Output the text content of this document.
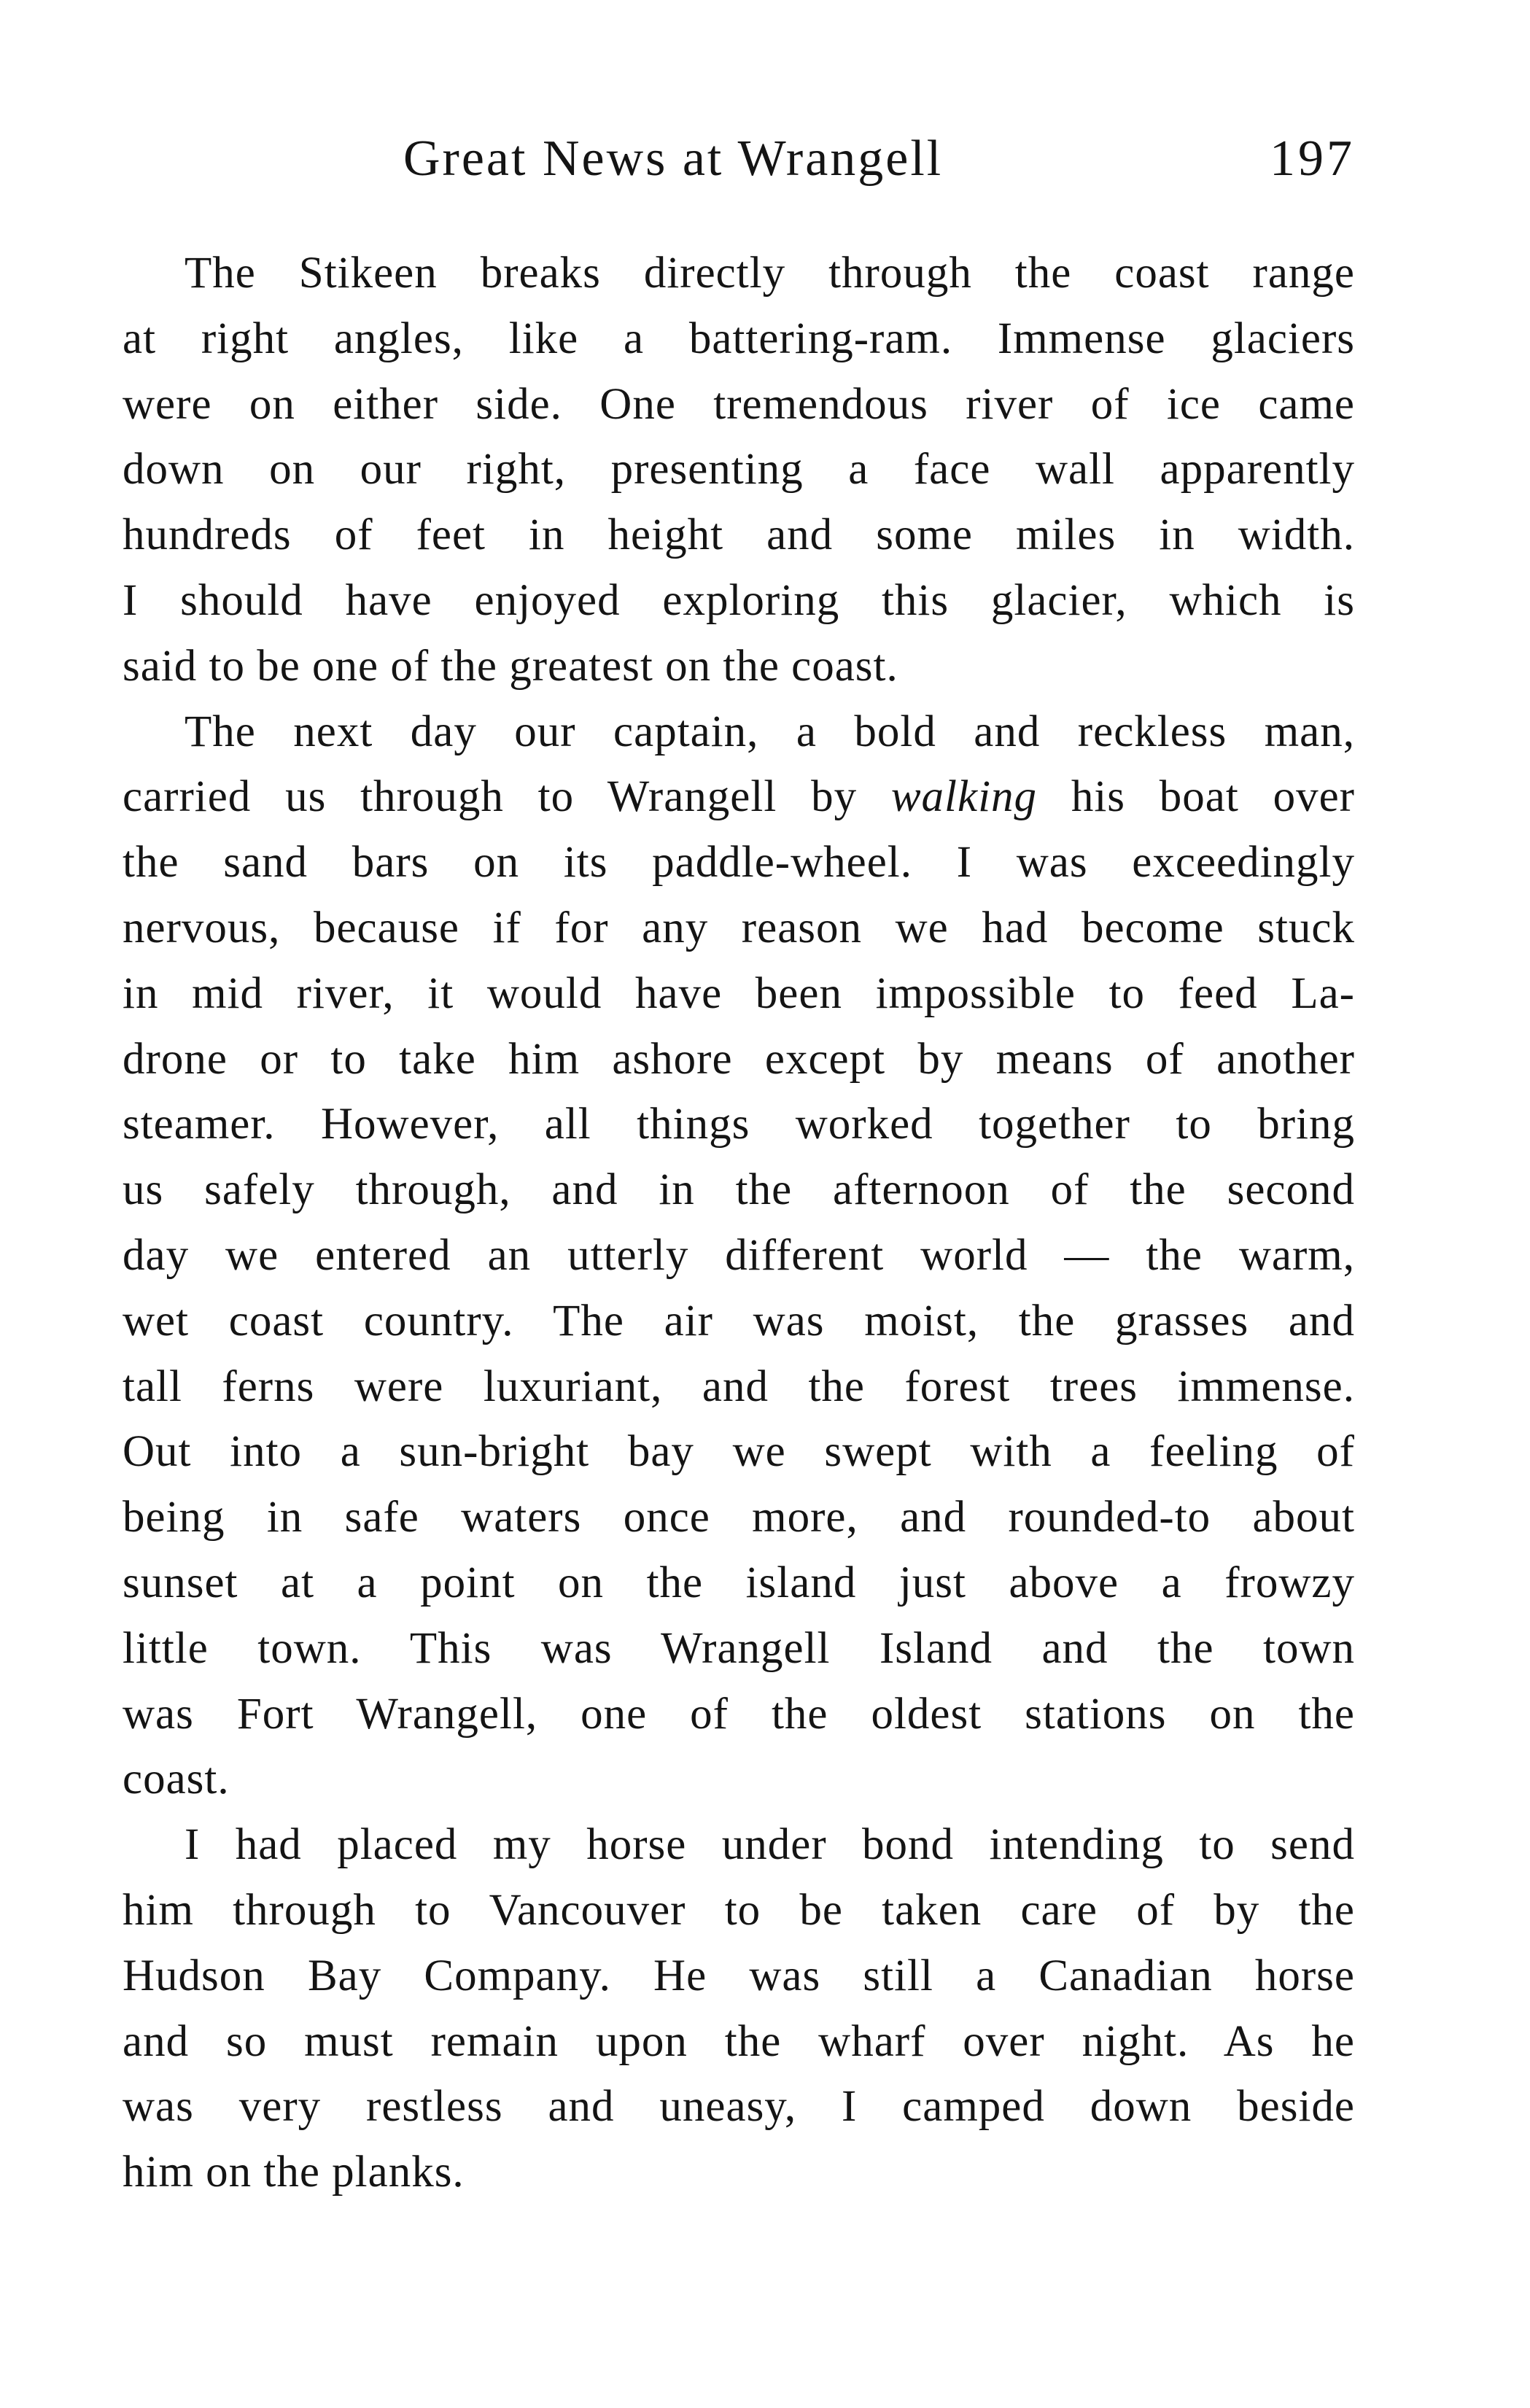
Great News at Wrangell	197

The Stikeen breaks directly through the coast range
at right angles, like a battering-ram. Immense glaciers
were on either side. One tremendous river of ice came
down on our right, presenting a face wall apparently
hundreds of feet in height and some miles in width.
I should have enjoyed exploring this glacier, which is
said to be one of the greatest on the coast.

The next day our captain, a bold and reckless man,
carried us through to Wrangell by walking his boat over
the sand bars on its paddle-wheel. I was exceedingly
nervous, because if for any reason we had become stuck
in mid river, it would have been impossible to feed La-
drone or to take him ashore except by means of another
steamer. However, all things worked together to bring
us safely through, and in the afternoon of the second
day we entered an utterly different world — the warm,
wet coast country. The air was moist, the grasses and
tall ferns were luxuriant, and the forest trees immense.
Out into a sun-bright bay we swept with a feeling of
being in safe waters once more, and rounded-to about
sunset at a point on the island just above a frowzy
little town. This was Wrangell Island and the town
was Fort Wrangell, one of the oldest stations on the
coast.

I had placed my horse under bond intending to send
him through to Vancouver to be taken care of by the
Hudson Bay Company. He was still a Canadian horse
and so must remain upon the wharf over night. As he
was very restless and uneasy, I camped down beside
him on the planks.
